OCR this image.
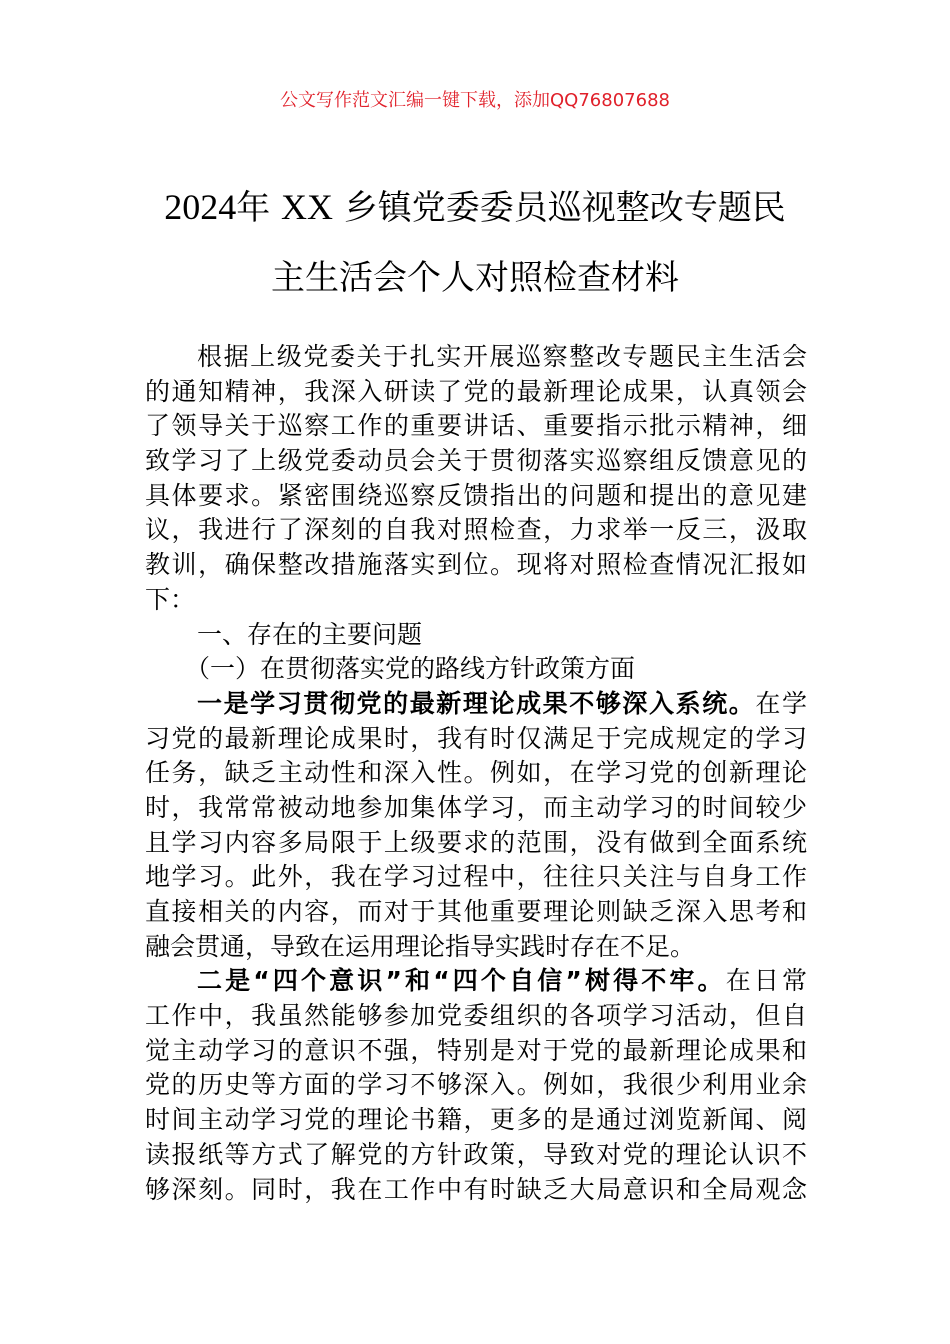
公文写作范文汇编一键下载，添加QQ76807688
2024年 XX 乡镇党委委员巡视整改专题民
主生活会个人对照检查材料
根据上级党委关于扎实开展巡察整改专题民主生活会
的通知精神，我深入研读了党的最新理论成果，认真领会
了领导关于巡察工作的重要讲话、重要指示批示精神，细
致学习了上级党委动员会关于贯彻落实巡察组反馈意见的
具体要求。紧密围绕巡察反馈指出的问题和提出的意见建
议，我进行了深刻的自我对照检查，力求举一反三，汲取
教训，确保整改措施落实到位。现将对照检查情况汇报如
下：
一、存在的主要问题
（一）在贯彻落实党的路线方针政策方面
一是学习贯彻党的最新理论成果不够深入系统。在学
习党的最新理论成果时，我有时仅满足于完成规定的学习
任务，缺乏主动性和深入性。例如，在学习党的创新理论
时，我常常被动地参加集体学习，而主动学习的时间较少
且学习内容多局限于上级要求的范围，没有做到全面系统
地学习。此外，我在学习过程中，往往只关注与自身工作
直接相关的内容，而对于其他重要理论则缺乏深入思考和
融会贯通，导致在运用理论指导实践时存在不足。
二是“四个意识”和“四个自信”树得不牢。在日常
工作中，我虽然能够参加党委组织的各项学习活动，但自
觉主动学习的意识不强，特别是对于党的最新理论成果和
党的历史等方面的学习不够深入。例如，我很少利用业余
时间主动学习党的理论书籍，更多的是通过浏览新闻、阅
读报纸等方式了解党的方针政策，导致对党的理论认识不
够深刻。同时，我在工作中有时缺乏大局意识和全局观念
